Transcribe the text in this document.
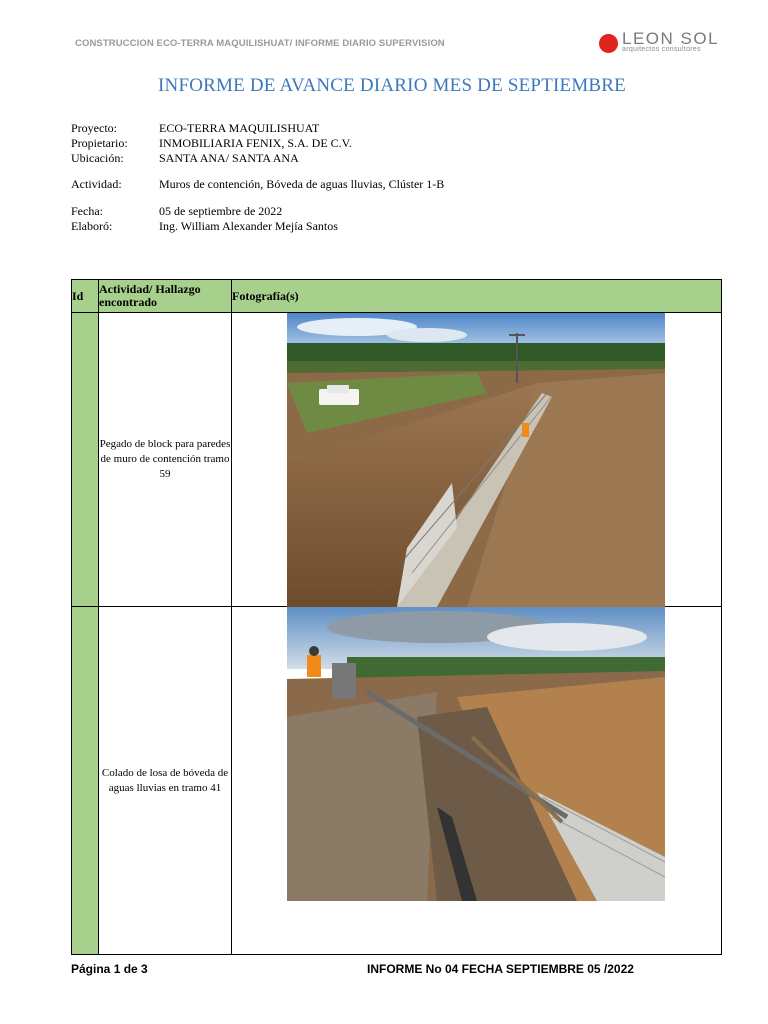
CONSTRUCCION ECO-TERRA MAQUILISHUAT/ INFORME DIARIO SUPERVISION	LEON SOL
arquitectos consultores
INFORME DE AVANCE DIARIO MES DE SEPTIEMBRE
Proyecto:	ECO-TERRA MAQUILISHUAT
Propietario:	INMOBILIARIA FENIX, S.A. DE C.V.
Ubicación:	SANTA ANA/ SANTA ANA
Actividad:	Muros de contención, Bóveda de aguas lluvias, Clúster 1-B
Fecha:	05 de septiembre de 2022
Elaboró:	Ing. William Alexander Mejía Santos
Id	Actividad/ Hallazgo encontrado	Fotografía(s)
	Pegado de block para paredes de muro de contención tramo 59	

	Colado de losa de bóveda de aguas lluvias en tramo 41	
Página 1 de 3	INFORME No 04 FECHA SEPTIEMBRE 05 /2022
